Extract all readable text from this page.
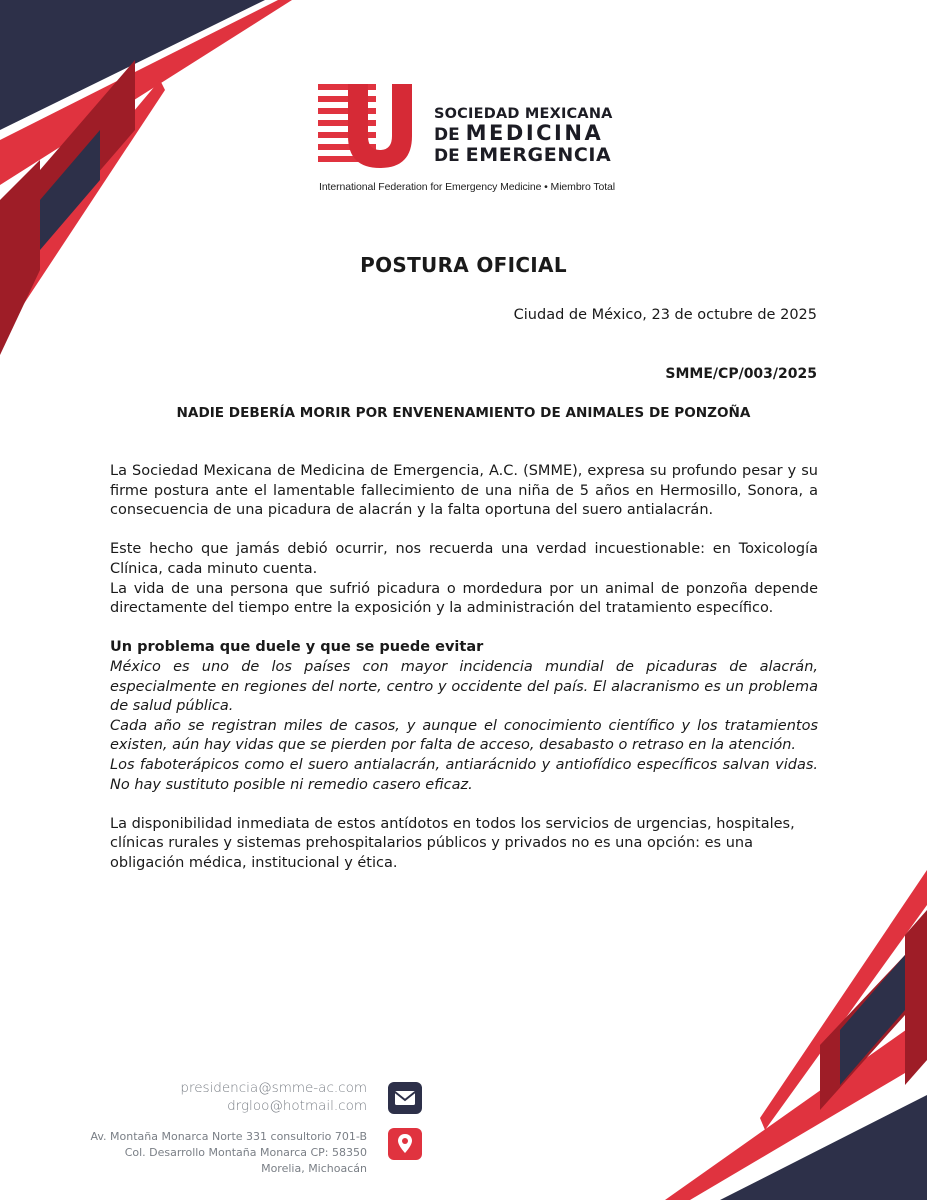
SOCIEDAD MEXICANA
DE MEDICINA
DE EMERGENCIA
International Federation for Emergency Medicine • Miembro Total
POSTURA OFICIAL
Ciudad de México, 23 de octubre de 2025
SMME/CP/003/2025
NADIE DEBERÍA MORIR POR ENVENENAMIENTO DE ANIMALES DE PONZOÑA

La Sociedad Mexicana de Medicina de Emergencia, A.C. (SMME), expresa su profundo pesar y su firme postura ante el lamentable fallecimiento de una niña de 5 años en Hermosillo, Sonora, a consecuencia de una picadura de alacrán y la falta oportuna del suero antialacrán.

Este hecho que jamás debió ocurrir, nos recuerda una verdad incuestionable: en Toxicología Clínica, cada minuto cuenta.

La vida de una persona que sufrió picadura o mordedura por un animal de ponzoña depende directamente del tiempo entre la exposición y la administración del tratamiento específico.

Un problema que duele y que se puede evitar

México es uno de los países con mayor incidencia mundial de picaduras de alacrán, especialmente en regiones del norte, centro y occidente del país. El alacranismo es un problema de salud pública.

Cada año se registran miles de casos, y aunque el conocimiento científico y los tratamientos existen, aún hay vidas que se pierden por falta de acceso, desabasto o retraso en la atención.

Los faboterápicos como el suero antialacrán, antiarácnido y antiofídico específicos salvan vidas. No hay sustituto posible ni remedio casero eficaz.

La disponibilidad inmediata de estos antídotos en todos los servicios de urgencias, hospitales, clínicas rurales y sistemas prehospitalarios públicos y privados no es una opción: es una obligación médica, institucional y ética.

presidencia@smme-ac.com
drgloo@hotmail.com
Av. Montaña Monarca Norte 331 consultorio 701-B
Col. Desarrollo Montaña Monarca CP: 58350
Morelia, Michoacán
